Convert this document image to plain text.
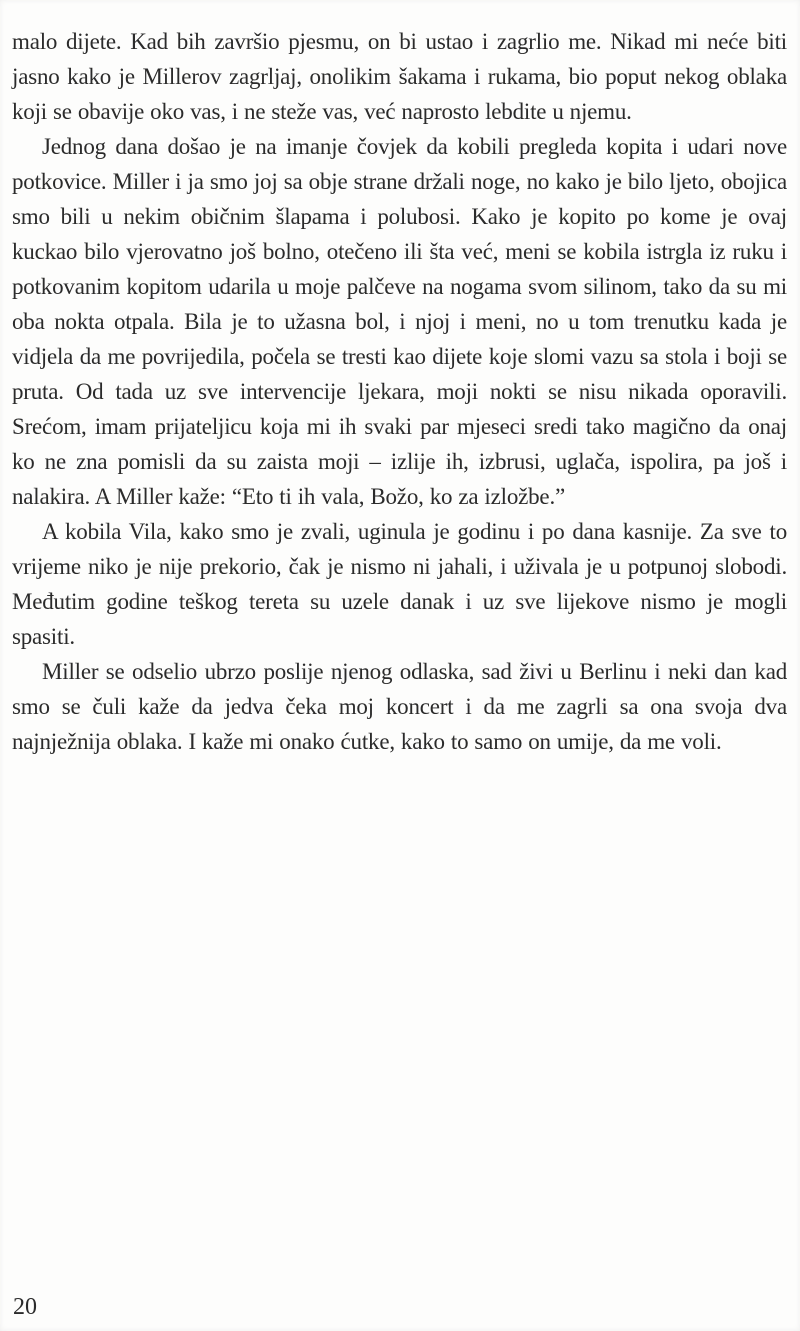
malo dijete. Kad bih završio pjesmu, on bi ustao i zagrlio me. Nikad mi neće biti jasno kako je Millerov zagrljaj, onolikim šakama i rukama, bio poput nekog oblaka koji se obavije oko vas, i ne steže vas, već naprosto lebdite u njemu.

Jednog dana došao je na imanje čovjek da kobili pregleda kopita i udari nove potkovice. Miller i ja smo joj sa obje strane držali noge, no kako je bilo ljeto, obojica smo bili u nekim običnim šlapama i polubosi. Kako je kopito po kome je ovaj kuckao bilo vjerovatno još bolno, otečeno ili šta već, meni se kobila istrgla iz ruku i potkovanim kopitom udarila u moje palčeve na nogama svom silinom, tako da su mi oba nokta otpala. Bila je to užasna bol, i njoj i meni, no u tom trenutku kada je vidjela da me povrijedila, počela se tresti kao dijete koje slomi vazu sa stola i boji se pruta. Od tada uz sve intervencije ljekara, moji nokti se nisu nikada oporavili. Srećom, imam prijateljicu koja mi ih svaki par mjeseci sredi tako magično da onaj ko ne zna pomisli da su zaista moji – izlije ih, izbrusi, uglača, ispolira, pa još i nalakira. A Miller kaže: “Eto ti ih vala, Božo, ko za izložbe.”

A kobila Vila, kako smo je zvali, uginula je godinu i po dana kasnije. Za sve to vrijeme niko je nije prekorio, čak je nismo ni jahali, i uživala je u potpunoj slobodi. Međutim godine teškog tereta su uzele danak i uz sve lijekove nismo je mogli spasiti.

Miller se odselio ubrzo poslije njenog odlaska, sad živi u Berlinu i neki dan kad smo se čuli kaže da jedva čeka moj koncert i da me zagrli sa ona svoja dva najnježnija oblaka. I kaže mi onako ćutke, kako to samo on umije, da me voli.

20
